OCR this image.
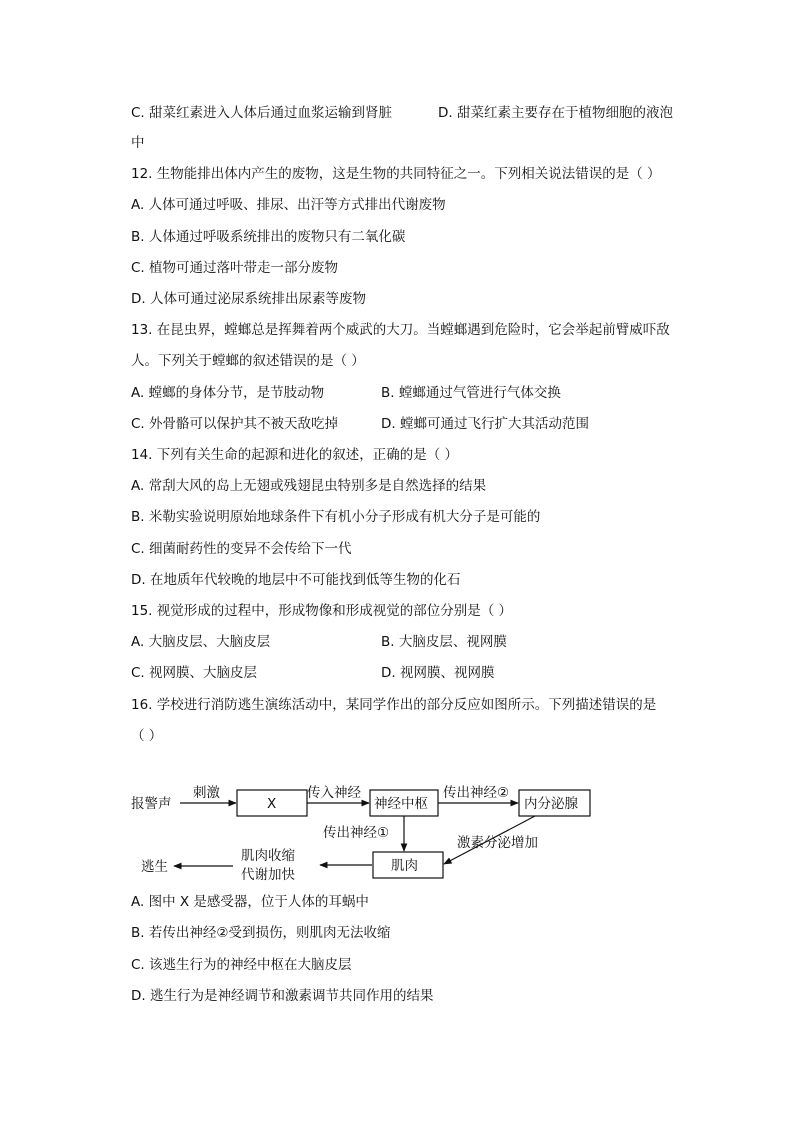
C. 甜菜红素进入人体后通过血浆运输到肾脏	D. 甜菜红素主要存在于植物细胞的液泡
中
12. 生物能排出体内产生的废物，这是生物的共同特征之一。下列相关说法错误的是（ ）
A. 人体可通过呼吸、排尿、出汗等方式排出代谢废物
B. 人体通过呼吸系统排出的废物只有二氧化碳
C. 植物可通过落叶带走一部分废物
D. 人体可通过泌尿系统排出尿素等废物
13. 在昆虫界，螳螂总是挥舞着两个威武的大刀。当螳螂遇到危险时，它会举起前臂威吓敌
人。下列关于螳螂的叙述错误的是（ ）
A. 螳螂的身体分节，是节肢动物	B. 螳螂通过气管进行气体交换
C. 外骨骼可以保护其不被天敌吃掉	D. 螳螂可通过飞行扩大其活动范围
14. 下列有关生命的起源和进化的叙述，正确的是（ ）
A. 常刮大风的岛上无翅或残翅昆虫特别多是自然选择的结果
B. 米勒实验说明原始地球条件下有机小分子形成有机大分子是可能的
C. 细菌耐药性的变异不会传给下一代
D. 在地质年代较晚的地层中不可能找到低等生物的化石
15. 视觉形成的过程中，形成物像和形成视觉的部位分别是（ ）
A. 大脑皮层、大脑皮层	B. 大脑皮层、视网膜
C. 视网膜、大脑皮层	D. 视网膜、视网膜
16. 学校进行消防逃生演练活动中，某同学作出的部分反应如图所示。下列描述错误的是
（ ）
报警声
刺激
X
传入神经
神经中枢
传出神经②
内分泌腺
传出神经①
激素分泌增加
肌肉
肌肉收缩
代谢加快
逃生
A. 图中 X 是感受器，位于人体的耳蜗中
B. 若传出神经②受到损伤，则肌肉无法收缩
C. 该逃生行为的神经中枢在大脑皮层
D. 逃生行为是神经调节和激素调节共同作用的结果
